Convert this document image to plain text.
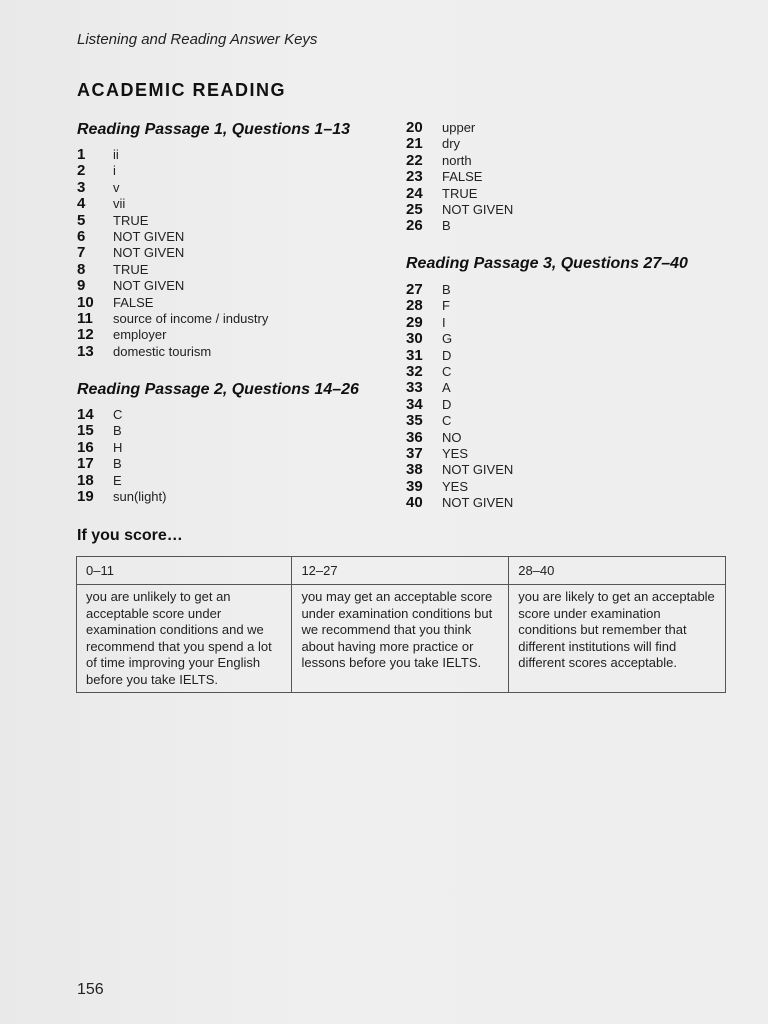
Listening and Reading Answer Keys
ACADEMIC READING
Reading Passage 1, Questions 1–13
1	ii
2	i
3	v
4	vii
5	TRUE
6	NOT GIVEN
7	NOT GIVEN
8	TRUE
9	NOT GIVEN
10	FALSE
11	source of income / industry
12	employer
13	domestic tourism
Reading Passage 2, Questions 14–26
14	C
15	B
16	H
17	B
18	E
19	sun(light)
20	upper
21	dry
22	north
23	FALSE
24	TRUE
25	NOT GIVEN
26	B
Reading Passage 3, Questions 27–40
27	B
28	F
29	I
30	G
31	D
32	C
33	A
34	D
35	C
36	NO
37	YES
38	NOT GIVEN
39	YES
40	NOT GIVEN
If you score…
0–11	12–27	28–40
you are unlikely to get an acceptable score under examination conditions and we recommend that you spend a lot of time improving your English before you take IELTS.	you may get an acceptable score under examination conditions but we recommend that you think about having more practice or lessons before you take IELTS.	you are likely to get an acceptable score under examination conditions but remember that different institutions will find different scores acceptable.
156
